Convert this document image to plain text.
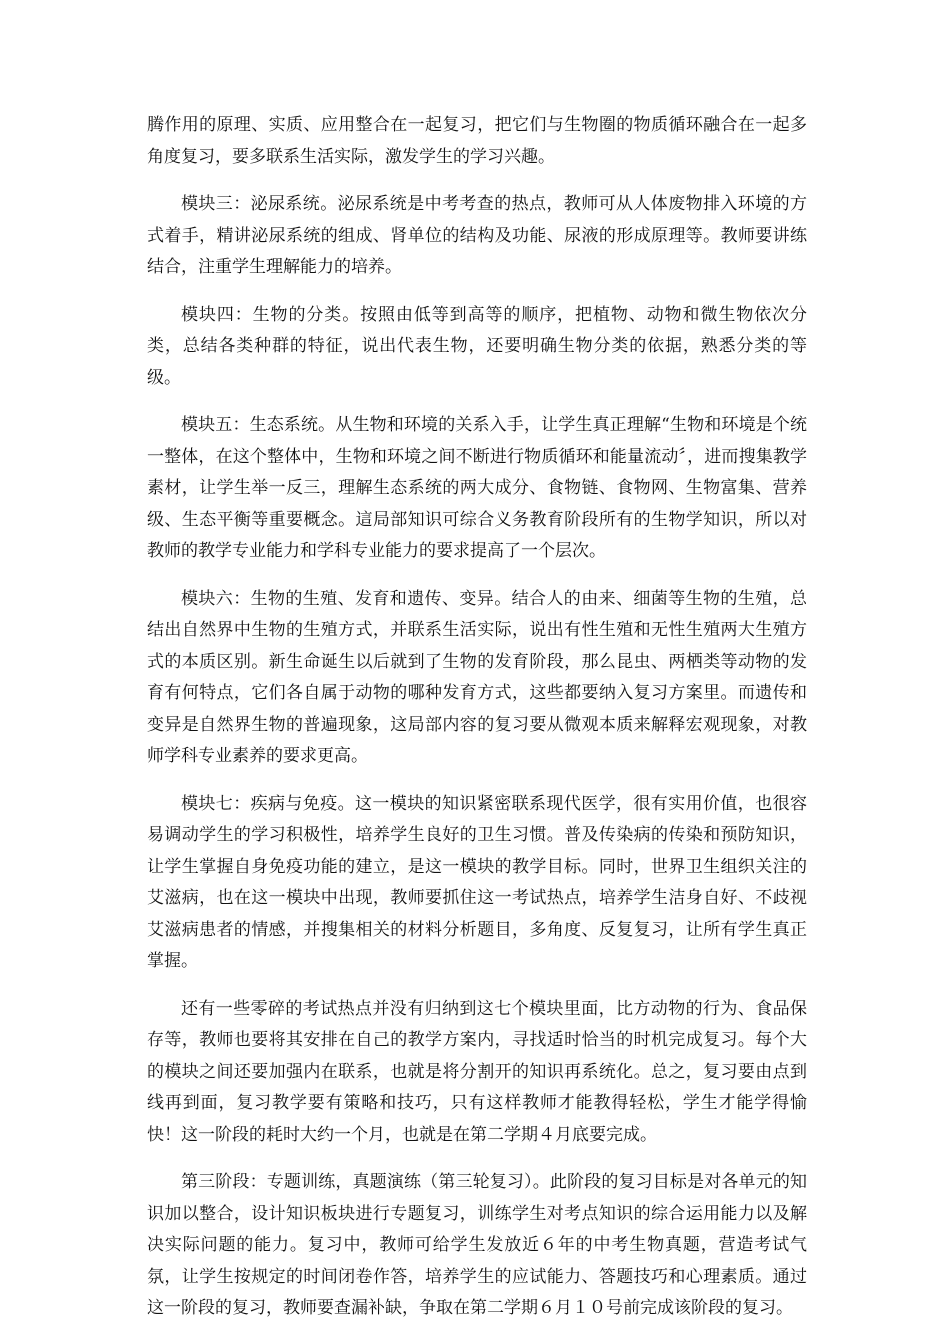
腾作用的原理、实质、应用整合在一起复习，把它们与生物圈的物质循环融合在一起多角度复习，要多联系生活实际，激发学生的学习兴趣。

模块三：泌尿系统。泌尿系统是中考考查的热点，教师可从人体废物排入环境的方式着手，精讲泌尿系统的组成、肾单位的结构及功能、尿液的形成原理等。教师要讲练结合，注重学生理解能力的培养。

模块四：生物的分类。按照由低等到高等的顺序，把植物、动物和微生物依次分类，总结各类种群的特征，说出代表生物，还要明确生物分类的依据，熟悉分类的等级。

模块五：生态系统。从生物和环境的关系入手，让学生真正理解“生物和环境是个统一整体，在这个整体中，生物和环境之间不断进行物质循环和能量流动〞，进而搜集教学素材，让学生举一反三，理解生态系统的两大成分、食物链、食物网、生物富集、营养级、生态平衡等重要概念。這局部知识可综合义务教育阶段所有的生物学知识，所以对教师的教学专业能力和学科专业能力的要求提高了一个层次。

模块六：生物的生殖、发育和遗传、变异。结合人的由来、细菌等生物的生殖，总结出自然界中生物的生殖方式，并联系生活实际，说出有性生殖和无性生殖两大生殖方式的本质区别。新生命诞生以后就到了生物的发育阶段，那么昆虫、两栖类等动物的发育有何特点，它们各自属于动物的哪种发育方式，这些都要纳入复习方案里。而遗传和变异是自然界生物的普遍现象，这局部内容的复习要从微观本质来解释宏观现象，对教师学科专业素养的要求更高。

模块七：疾病与免疫。这一模块的知识紧密联系现代医学，很有实用价值，也很容易调动学生的学习积极性，培养学生良好的卫生习惯。普及传染病的传染和预防知识，让学生掌握自身免疫功能的建立，是这一模块的教学目标。同时，世界卫生组织关注的艾滋病，也在这一模块中出现，教师要抓住这一考试热点，培养学生洁身自好、不歧视艾滋病患者的情感，并搜集相关的材料分析题目，多角度、反复复习，让所有学生真正掌握。

还有一些零碎的考试热点并没有归纳到这七个模块里面，比方动物的行为、食品保存等，教师也要将其安排在自己的教学方案内，寻找适时恰当的时机完成复习。每个大的模块之间还要加强内在联系，也就是将分割开的知识再系统化。总之，复习要由点到线再到面，复习教学要有策略和技巧，只有这样教师才能教得轻松，学生才能学得愉快！这一阶段的耗时大约一个月，也就是在第二学期４月底要完成。

第三阶段：专题训练，真题演练（第三轮复习）。此阶段的复习目标是对各单元的知识加以整合，设计知识板块进行专题复习，训练学生对考点知识的综合运用能力以及解决实际问题的能力。复习中，教师可给学生发放近６年的中考生物真题，营造考试气氛，让学生按规定的时间闭卷作答，培养学生的应试能力、答题技巧和心理素质。通过这一阶段的复习，教师要查漏补缺，争取在第二学期６月１０号前完成该阶段的复习。
